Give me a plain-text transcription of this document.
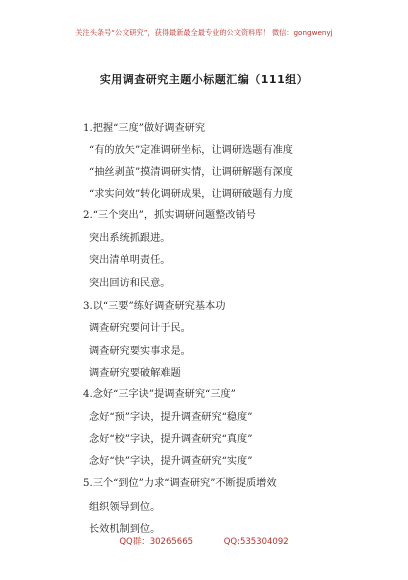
关注头条号“公文研究”，获得最新最全最专业的公文资料库！ 微信：gongwenyj
实用调查研究主题小标题汇编（111组）
1.把握“三度”做好调查研究
“有的放矢”定准调研坐标，让调研选题有准度
“抽丝剥茧”摸清调研实情，让调研解题有深度
“求实问效”转化调研成果，让调研破题有力度
2.“三个突出”，抓实调研问题整改销号
突出系统抓跟进。
突出清单明责任。
突出回访和民意。
3.以“三要”练好调查研究基本功
调查研究要问计于民。
调查研究要实事求是。
调查研究要破解难题
4.念好“三字诀”提调查研究“三度”
念好“预”字诀，提升调查研究“稳度”
念好“校”字诀，提升调查研究“真度”
念好“快”字诀，提升调查研究“实度”
5.三个“到位”力求“调查研究”不断提质增效
组织领导到位。
长效机制到位。
QQ群：30265665	QQ:535304092
